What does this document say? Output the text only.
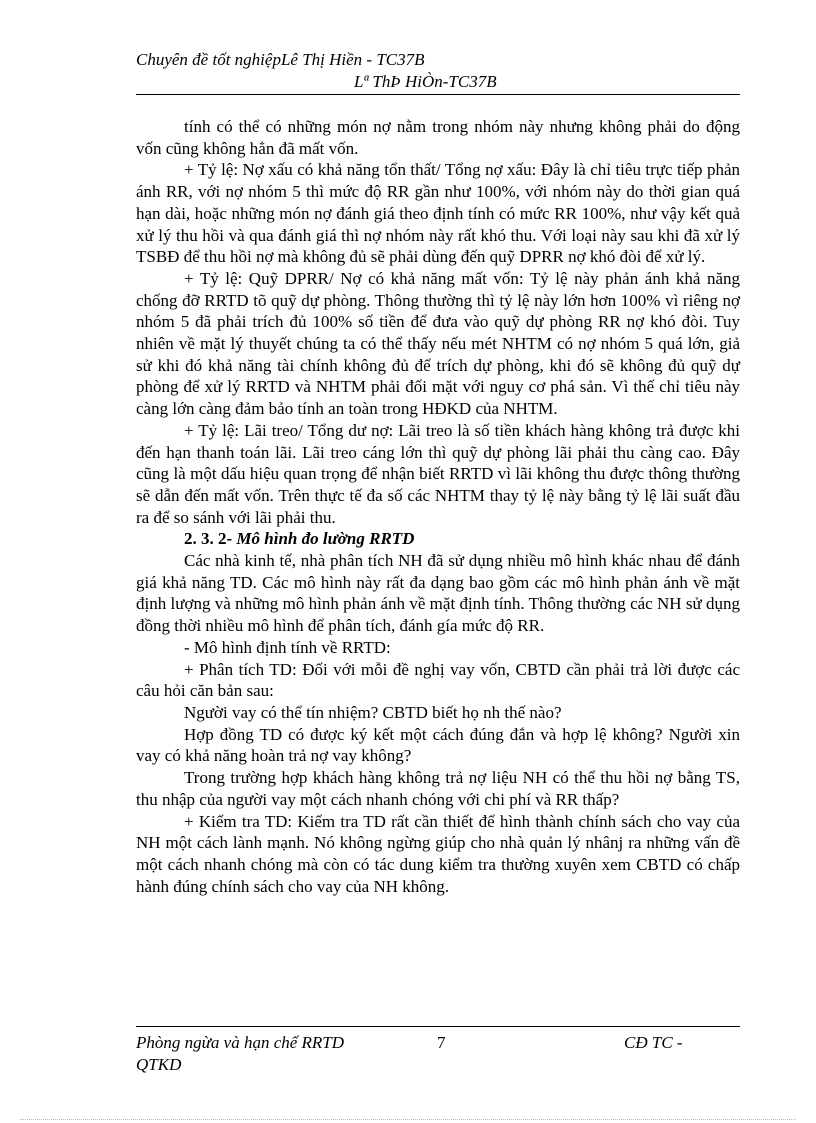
Chuyên đề tốt nghiệpLê Thị Hiền - TC37B
Lª ThÞ HiÒn-TC37B

tính có thể có những món nợ nằm trong nhóm này nhưng không phải do động vốn cũng không hẳn đã mất vốn.

+ Tỷ lệ: Nợ xấu có khả năng tổn thất/ Tổng nợ xấu: Đây là chỉ tiêu trực tiếp phản ánh RR, với nợ nhóm 5 thì mức độ RR gần như 100%, với nhóm này do thời gian quá hạn dài, hoặc những món nợ đánh giá theo định tính có mức RR 100%, như vậy kết quả xử lý thu hồi và qua đánh giá thì nợ nhóm này rất khó thu. Với loại này sau khi đã xử lý TSBĐ để thu hồi nợ mà không đủ sẽ phải dùng đến quỹ DPRR nợ khó đòi để xử lý.

+ Tỷ lệ: Quỹ DPRR/ Nợ có khả năng mất vốn: Tỷ lệ này phản ánh khả năng chống đỡ RRTD tõ quỹ dự phòng. Thông thường thì tỷ lệ này lớn hơn 100% vì riêng nợ nhóm 5 đã phải trích đủ 100% số tiền để đưa vào quỹ dự phòng RR nợ khó đòi. Tuy nhiên về mặt lý thuyết chúng ta có thể thấy nếu mét NHTM có nợ nhóm 5 quá lớn, giả sử khi đó khả năng tài chính không đủ để trích dự phòng, khi đó sẽ không đủ quỹ dự phòng để xử lý RRTD và NHTM phải đối mặt với nguy cơ phá sản. Vì thế chỉ tiêu này càng lớn càng đảm bảo tính an toàn trong HĐKD của NHTM.

+ Tỷ lệ: Lãi treo/ Tổng dư nợ: Lãi treo là số tiền khách hàng không trả được khi đến hạn thanh toán lãi. Lãi treo cáng lớn thì quỹ dự phòng lãi phải thu càng cao. Đây cũng là một dấu hiệu quan trọng để nhận biết RRTD vì lãi không thu được thông thường sẽ dẫn đến mất vốn. Trên thực tế đa số các NHTM thay tỷ lệ này bằng tỷ lệ lãi suất đầu ra để so sánh với lãi phải thu.

2. 3. 2- Mô hình đo lường RRTD

Các nhà kinh tế, nhà phân tích NH đã sử dụng nhiều mô hình khác nhau để đánh giá khả năng TD. Các mô hình này rất đa dạng bao gồm các mô hình phản ánh về mặt định lượng và những mô hình phản ánh về mặt định tính. Thông thường các NH sử dụng đồng thời nhiều mô hình để phân tích, đánh gía mức độ RR.

- Mô hình định tính về RRTD:

+ Phân tích TD: Đối với mỗi đề nghị vay vốn, CBTD cần phải trả lời được các câu hỏi căn bản sau:

Người vay có thể tín nhiệm? CBTD biết họ nh thế nào?

Hợp đồng TD có được ký kết một cách đúng đắn và hợp lệ không? Người xin vay có khả năng hoàn trả nợ vay không?

Trong trường hợp khách hàng không trả nợ liệu NH có thể thu hồi nợ bằng TS, thu nhập của người vay một cách nhanh chóng với chi phí và RR thấp?

+ Kiểm tra TD: Kiểm tra TD rất cần thiết để hình thành chính sách cho vay của NH một cách lành mạnh. Nó không ngừng giúp cho nhà quản lý nhânj ra những vấn đề một cách nhanh chóng mà còn có tác dung kiểm tra thường xuyên xem CBTD có chấp hành đúng chính sách cho vay của NH không.

Phòng ngừa và hạn chế RRTD	7	CĐ TC -
QTKD
